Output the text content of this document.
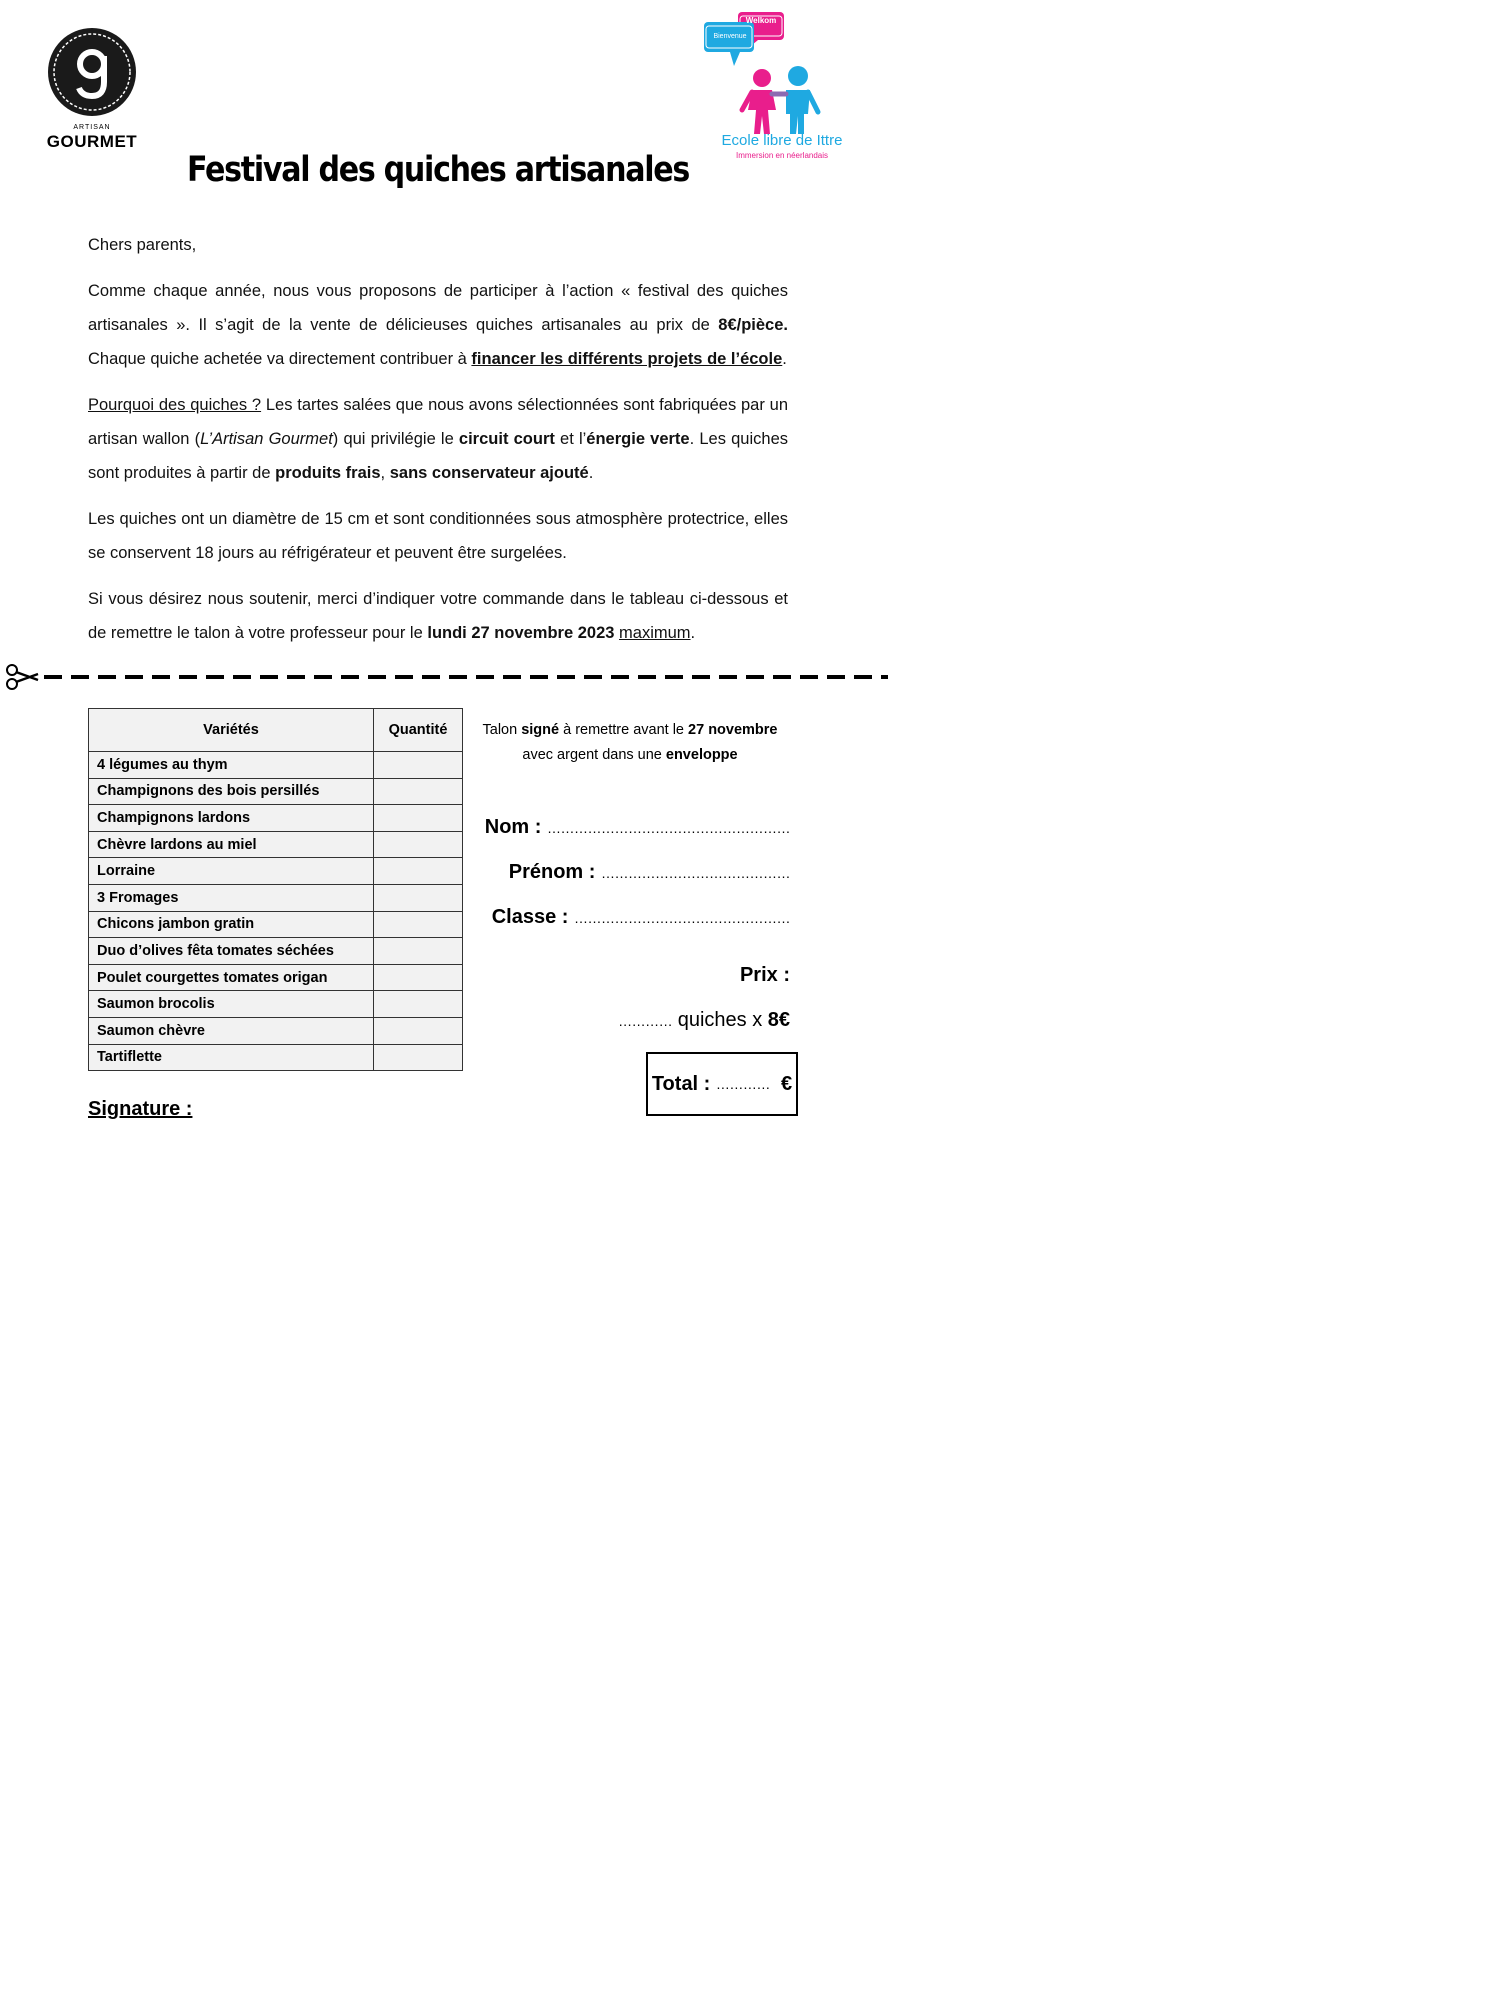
ARTISAN
GOURMET
Bienvenue
Welkom
Ecole libre de Ittre
Immersion en néerlandais
Festival des quiches artisanales

Chers parents,

Comme chaque année, nous vous proposons de participer à l’action « festival des quiches artisanales ». Il s’agit de la vente de délicieuses quiches artisanales au prix de 8€/pièce. Chaque quiche achetée va directement contribuer à financer les différents projets de l’école.

Pourquoi des quiches ? Les tartes salées que nous avons sélectionnées sont fabriquées par un artisan wallon (L’Artisan Gourmet) qui privilégie le circuit court et l’énergie verte. Les quiches sont produites à partir de produits frais, sans conservateur ajouté.

Les quiches ont un diamètre de 15 cm et sont conditionnées sous atmosphère protectrice, elles se conservent 18 jours au réfrigérateur et peuvent être surgelées.

Si vous désirez nous soutenir, merci d’indiquer votre commande dans le tableau ci-dessous et de remettre le talon à votre professeur pour le lundi 27 novembre 2023 maximum.

Variétés	Quantité
4 légumes au thym	
Champignons des bois persillés	
Champignons lardons	
Chèvre lardons au miel	
Lorraine	
3 Fromages	
Chicons jambon gratin	
Duo d’olives fêta tomates séchées	
Poulet courgettes tomates origan	
Saumon brocolis	
Saumon chèvre	
Tartiflette	
Talon signé à remettre avant le 27 novembre
avec argent dans une enveloppe
Nom : ………………………………………………
Prénom : ……………………………………
Classe : …………………………………………
Prix :
………… quiches x 8€
Total :
…………
€
Signature :
